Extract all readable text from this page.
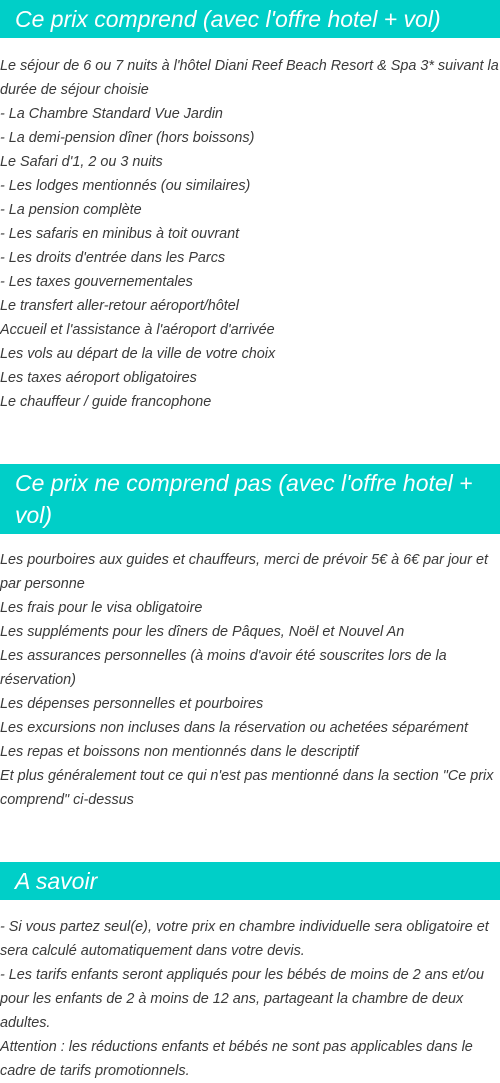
Ce prix comprend (avec l'offre hotel + vol)
Le séjour de 6 ou 7 nuits à l'hôtel Diani Reef Beach Resort & Spa 3* suivant la durée de séjour choisie
- La Chambre Standard Vue Jardin
- La demi-pension dîner (hors boissons)
Le Safari d'1, 2 ou 3 nuits
- Les lodges mentionnés (ou similaires)
- La pension complète
- Les safaris en minibus à toit ouvrant
- Les droits d'entrée dans les Parcs
- Les taxes gouvernementales
Le transfert aller-retour aéroport/hôtel
Accueil et l'assistance à l'aéroport d'arrivée
Les vols au départ de la ville de votre choix
Les taxes aéroport obligatoires
Le chauffeur / guide francophone
Ce prix ne comprend pas (avec l'offre hotel + vol)
Les pourboires aux guides et chauffeurs, merci de prévoir 5€ à 6€ par jour et par personne
Les frais pour le visa obligatoire
Les suppléments pour les dîners de Pâques, Noël et Nouvel An
Les assurances personnelles (à moins d'avoir été souscrites lors de la réservation)
Les dépenses personnelles et pourboires
Les excursions non incluses dans la réservation ou achetées séparément
Les repas et boissons non mentionnés dans le descriptif
Et plus généralement tout ce qui n'est pas mentionné dans la section "Ce prix comprend" ci-dessus
A savoir
- Si vous partez seul(e), votre prix en chambre individuelle sera obligatoire et sera calculé automatiquement dans votre devis.
- Les tarifs enfants seront appliqués pour les bébés de moins de 2 ans et/ou pour les enfants de 2 à moins de 12 ans, partageant la chambre de deux adultes.
Attention : les réductions enfants et bébés ne sont pas applicables dans le cadre de tarifs promotionnels.
